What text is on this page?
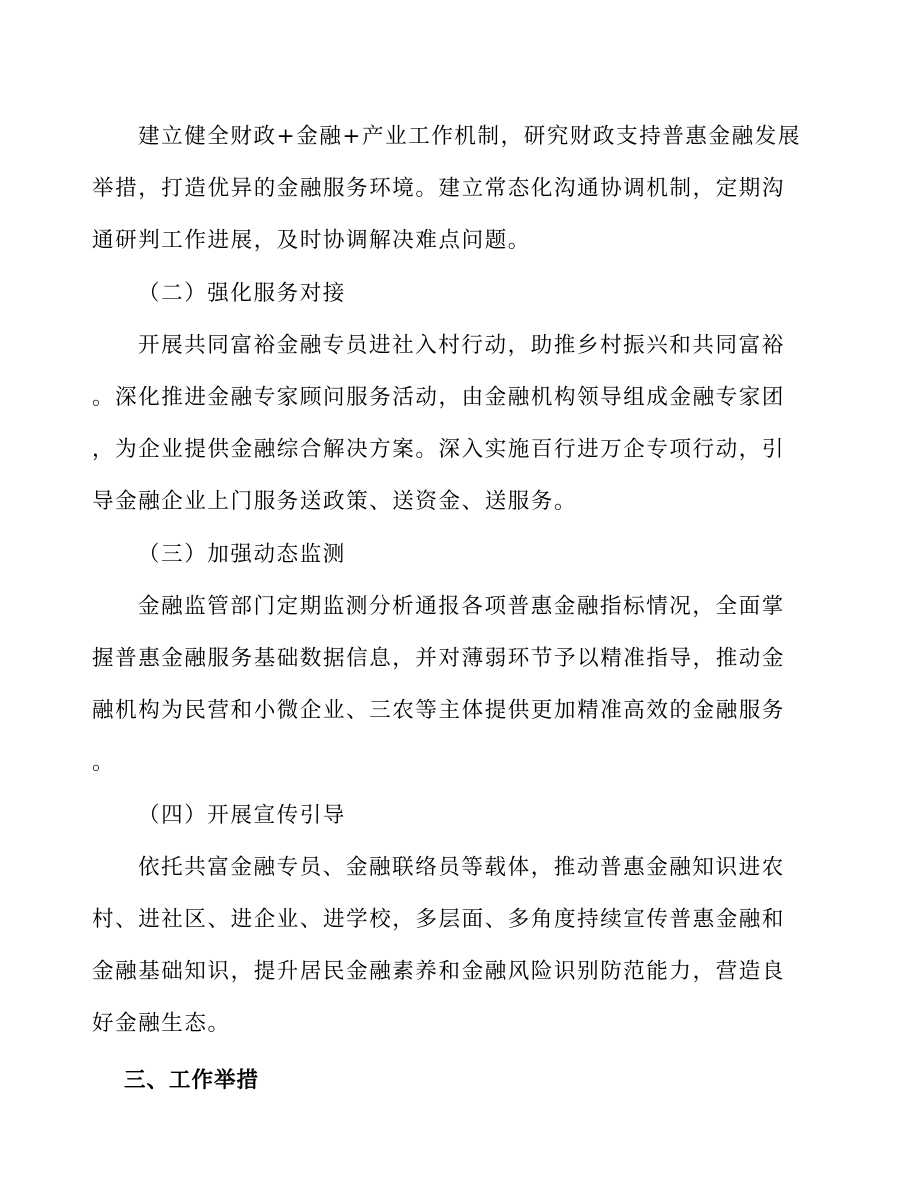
建立健全财政+金融+产业工作机制，研究财政支持普惠金融发展
举措，打造优异的金融服务环境。建立常态化沟通协调机制，定期沟
通研判工作进展，及时协调解决难点问题。
（二）强化服务对接
开展共同富裕金融专员进社入村行动，助推乡村振兴和共同富裕
。深化推进金融专家顾问服务活动，由金融机构领导组成金融专家团
，为企业提供金融综合解决方案。深入实施百行进万企专项行动，引
导金融企业上门服务送政策、送资金、送服务。
（三）加强动态监测
金融监管部门定期监测分析通报各项普惠金融指标情况，全面掌
握普惠金融服务基础数据信息，并对薄弱环节予以精准指导，推动金
融机构为民营和小微企业、三农等主体提供更加精准高效的金融服务
。
（四）开展宣传引导
依托共富金融专员、金融联络员等载体，推动普惠金融知识进农
村、进社区、进企业、进学校，多层面、多角度持续宣传普惠金融和
金融基础知识，提升居民金融素养和金融风险识别防范能力，营造良
好金融生态。
三、工作举措
